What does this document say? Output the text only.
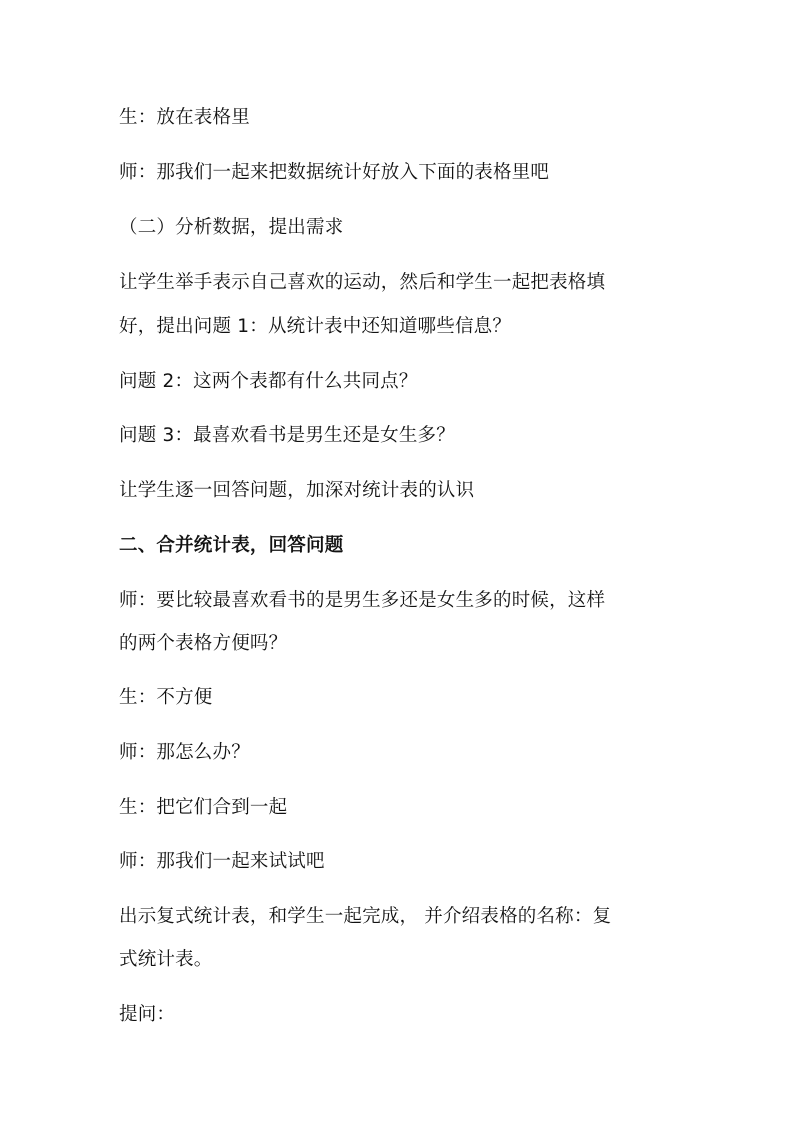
生：放在表格里
师：那我们一起来把数据统计好放入下面的表格里吧
（二）分析数据，提出需求
让学生举手表示自己喜欢的运动，然后和学生一起把表格填
好，提出问题 1：从统计表中还知道哪些信息？
问题 2：这两个表都有什么共同点？
问题 3：最喜欢看书是男生还是女生多？
让学生逐一回答问题，加深对统计表的认识
二、合并统计表，回答问题
师：要比较最喜欢看书的是男生多还是女生多的时候，这样
的两个表格方便吗？
生：不方便
师：那怎么办？
生：把它们合到一起
师：那我们一起来试试吧
出示复式统计表，和学生一起完成， 并介绍表格的名称：复
式统计表。
提问：
